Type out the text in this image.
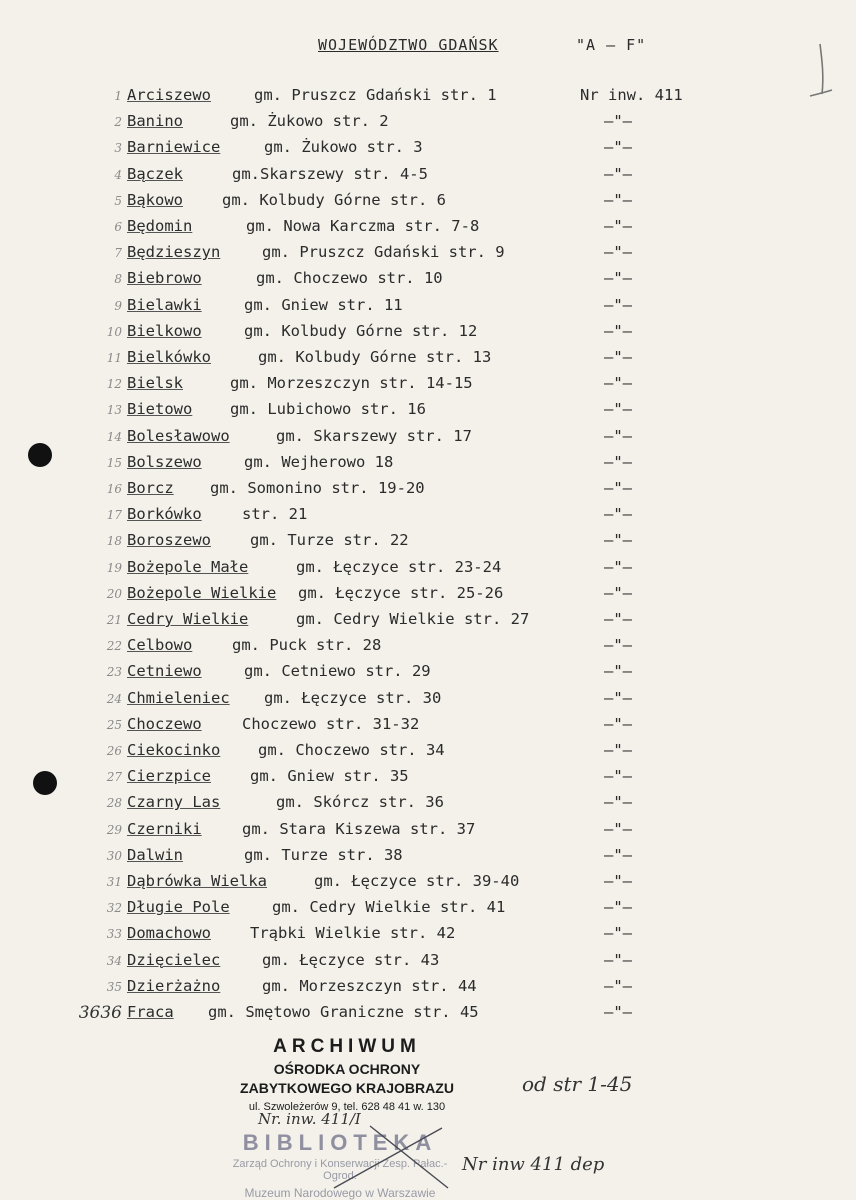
WOJEWÓDZTWO GDAŃSK	"A – F"
1 Arciszewo	gm. Pruszcz Gdański str. 1	Nr inw. 411
2 Banino	gm. Żukowo str. 2	–"–
3 Barniewice	gm. Żukowo str. 3	–"–
4 Bączek	gm.Skarszewy str. 4-5	–"–
5 Bąkowo	gm. Kolbudy Górne str. 6	–"–
6 Będomin	gm. Nowa Karczma str. 7-8	–"–
7 Będzieszyn	gm. Pruszcz Gdański str. 9	–"–
8 Biebrowo	gm. Choczewo str. 10	–"–
9 Bielawki	gm. Gniew str. 11	–"–
10 Bielkowo	gm. Kolbudy Górne str. 12	–"–
11 Bielkówko	gm. Kolbudy Górne str. 13	–"–
12 Bielsk	gm. Morzeszczyn str. 14-15	–"–
13 Bietowo gm. Lubichowo str. 16	–"–
14 Bolesławowo	gm. Skarszewy str. 17	–"–
15 Bolszewo	gm. Wejherowo 18	–"–
16 Borcz gm. Somonino str. 19-20	–"–
17 Borkówko	str. 21	–"–
18 Boroszewo	gm. Turze str. 22	–"–
19 Bożepole Małe	gm. Łęczyce str. 23-24	–"–
20 Bożepole Wielkie gm. Łęczyce str. 25-26	–"–
21 Cedry Wielkie	gm. Cedry Wielkie str. 27	–"–
22 Celbowo	gm. Puck str. 28	–"–
23 Cetniewo	gm. Cetniewo str. 29	–"–
24 Chmieleniec gm. Łęczyce str. 30	–"–
25 Choczewo	Choczewo str. 31-32	–"–
26 Ciekocinko gm. Choczewo str. 34	–"–
27 Cierzpice	gm. Gniew str. 35	–"–
28 Czarny Las	gm. Skórcz str. 36	–"–
29 Czerniki	gm. Stara Kiszewa str. 37	–"–
30 Dalwin	gm. Turze str. 38	–"–
31 Dąbrówka Wielka	gm. Łęczyce str. 39-40	–"–
32 Długie Pole	gm. Cedry Wielkie str. 41	–"–
33 Domachowo	Trąbki Wielkie str. 42	–"–
34 Dzięcielec	gm. Łęczyce str. 43	–"–
35 Dzierżażno	gm. Morzeszczyn str. 44	–"–
3636 Fraca gm. Smętowo Graniczne str. 45	–"–
ARCHIWUM
OŚRODKA OCHRONY
ZABYTKOWEGO KRAJOBRAZU
ul. Szwoleżerów 9, tel. 628 48 41 w. 130
Nr. inw. 411/I
od str 1-45
Nr inw 411 dep
BIBLIOTEKA
Zarząd Ochrony i Konserwacji Zesp. Pałac.-Ogrod.
Muzeum Narodowego w Warszawie
